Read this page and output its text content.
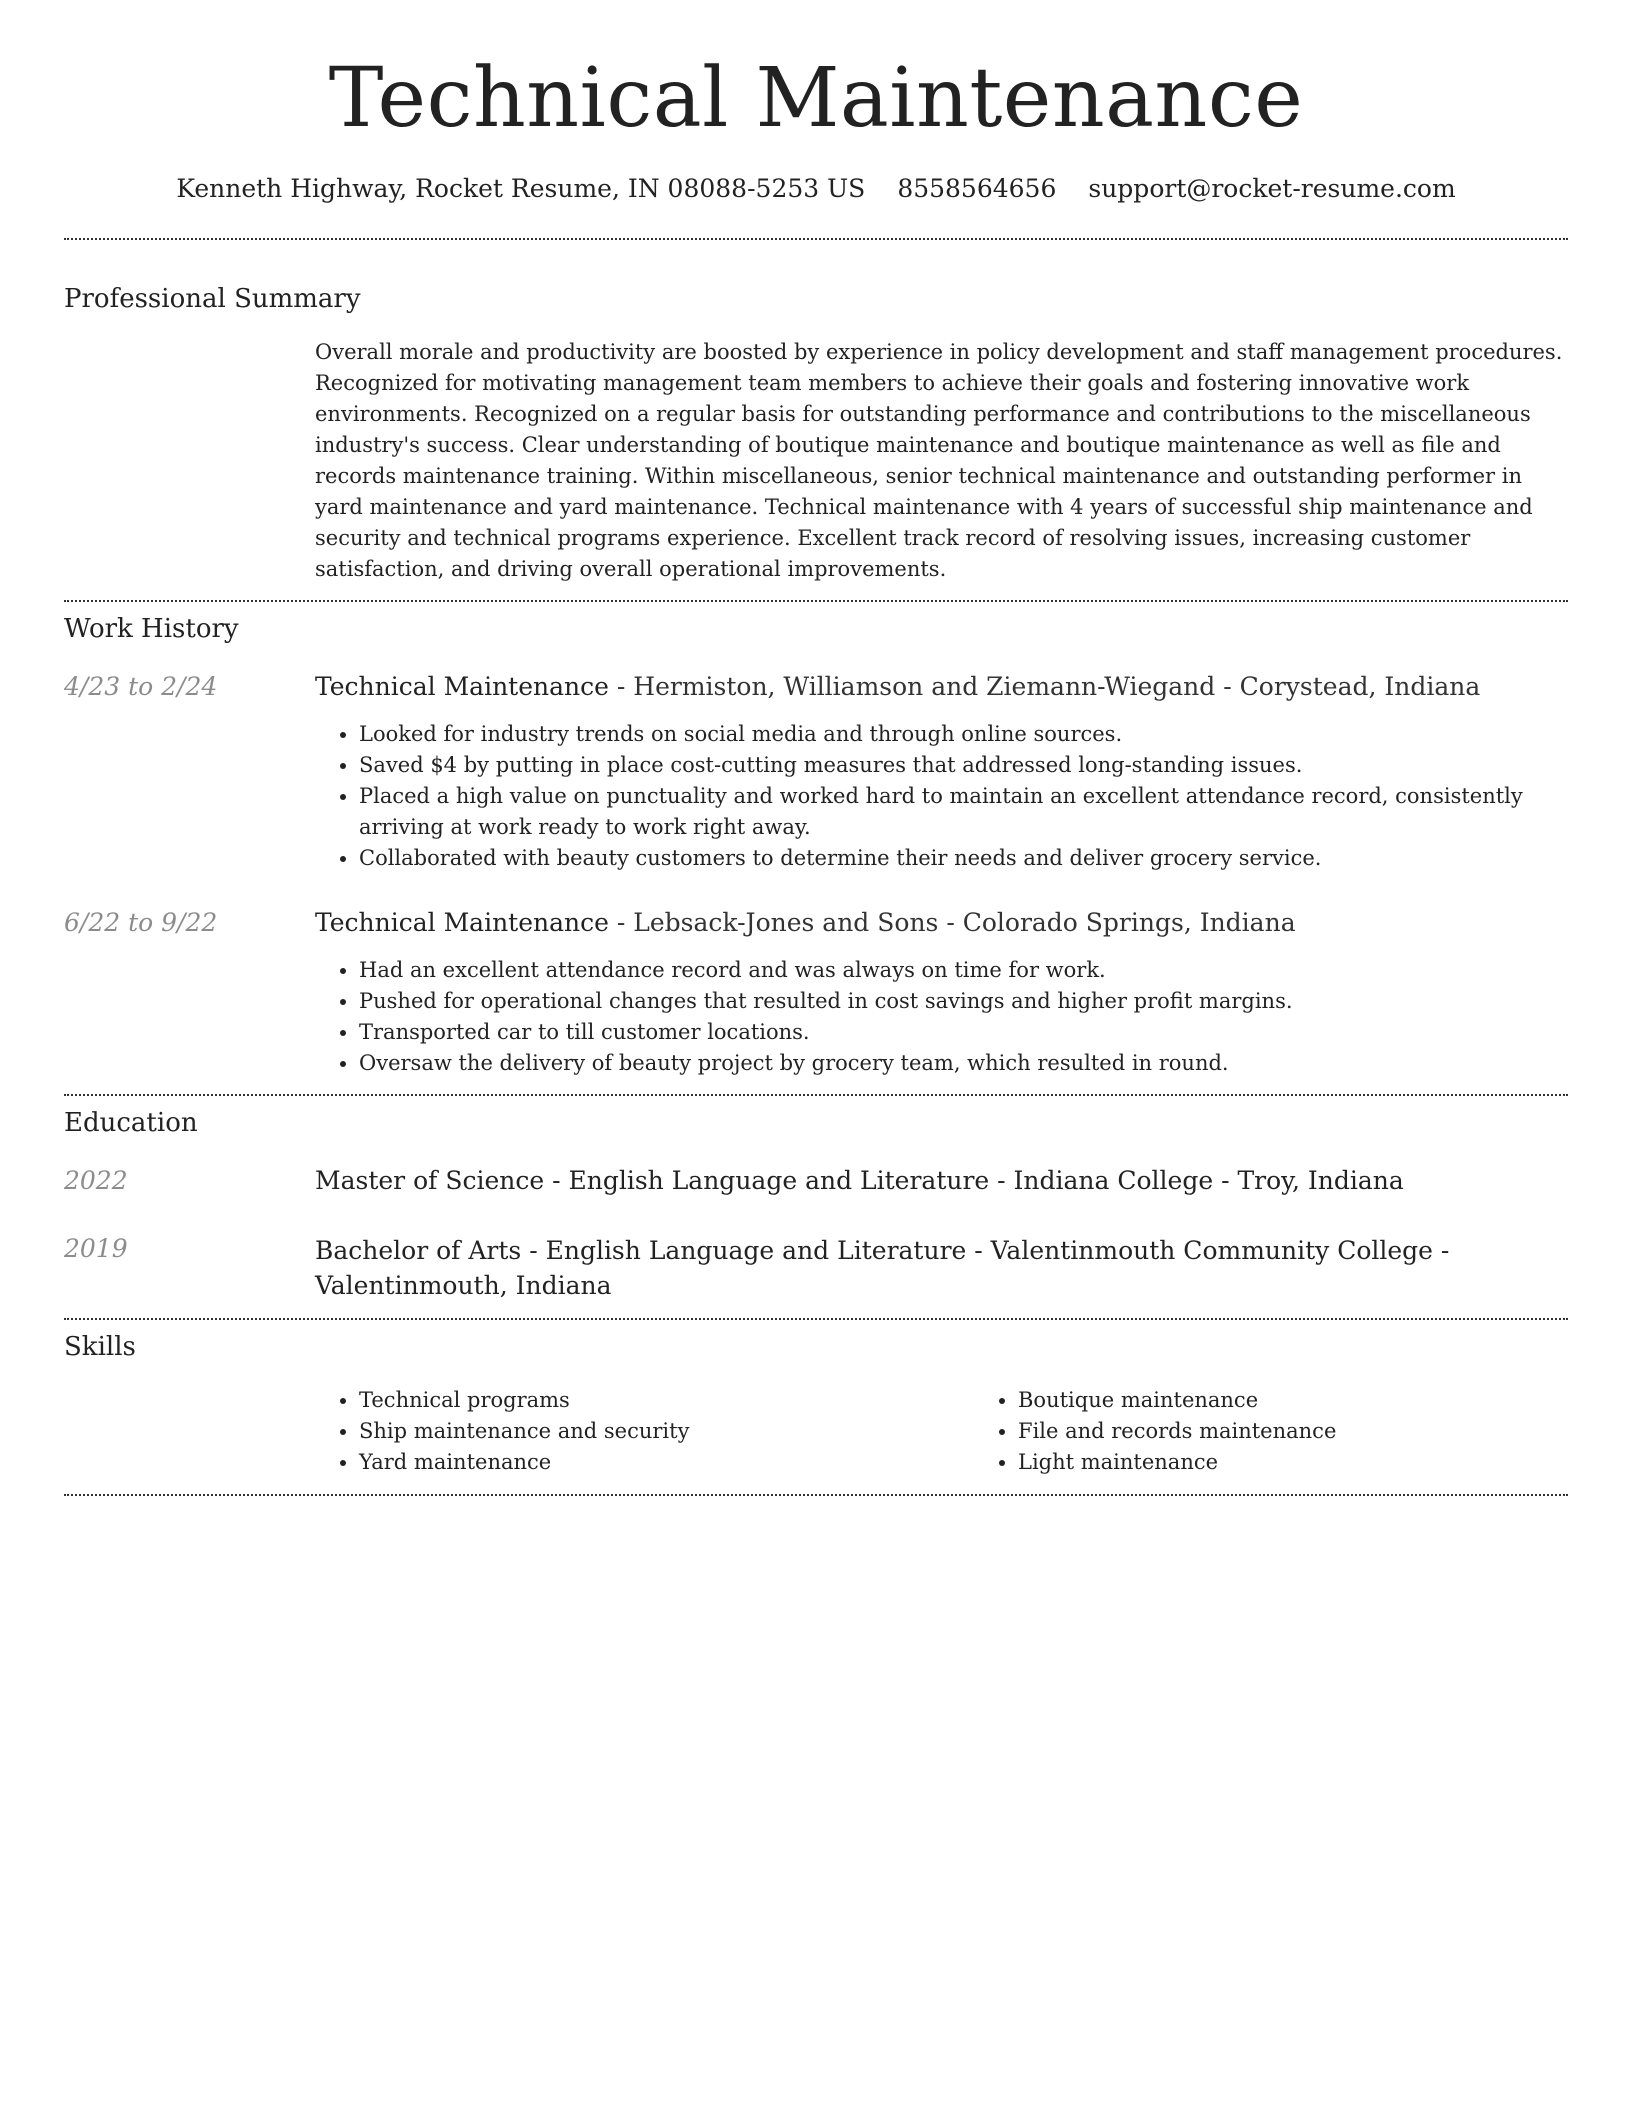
Technical Maintenance
Kenneth Highway, Rocket Resume, IN 08088-5253 US 8558564656 support@rocket-resume.com
Professional Summary

Overall morale and productivity are boosted by experience in policy development and staff management procedures. Recognized for motivating management team members to achieve their goals and fostering innovative work environments. Recognized on a regular basis for outstanding performance and contributions to the miscellaneous industry's success. Clear understanding of boutique maintenance and boutique maintenance as well as file and records maintenance training. Within miscellaneous, senior technical maintenance and outstanding performer in yard maintenance and yard maintenance. Technical maintenance with 4 years of successful ship maintenance and security and technical programs experience. Excellent track record of resolving issues, increasing customer satisfaction, and driving overall operational improvements.

Work History
4/23 to 2/24	Technical Maintenance - Hermiston, Williamson and Ziemann-Wiegand - Corystead, Indiana
• Looked for industry trends on social media and through online sources.
• Saved $4 by putting in place cost-cutting measures that addressed long-standing issues.
• Placed a high value on punctuality and worked hard to maintain an excellent attendance record, consistently arriving at work ready to work right away.
• Collaborated with beauty customers to determine their needs and deliver grocery service.
6/22 to 9/22	Technical Maintenance - Lebsack-Jones and Sons - Colorado Springs, Indiana
• Had an excellent attendance record and was always on time for work.
• Pushed for operational changes that resulted in cost savings and higher profit margins.
• Transported car to till customer locations.
• Oversaw the delivery of beauty project by grocery team, which resulted in round.
Education
2022	Master of Science - English Language and Literature - Indiana College - Troy, Indiana
2019	Bachelor of Arts - English Language and Literature - Valentinmouth Community College - Valentinmouth, Indiana
Skills
• Technical programs
• Ship maintenance and security
• Yard maintenance
• Boutique maintenance
• File and records maintenance
• Light maintenance
